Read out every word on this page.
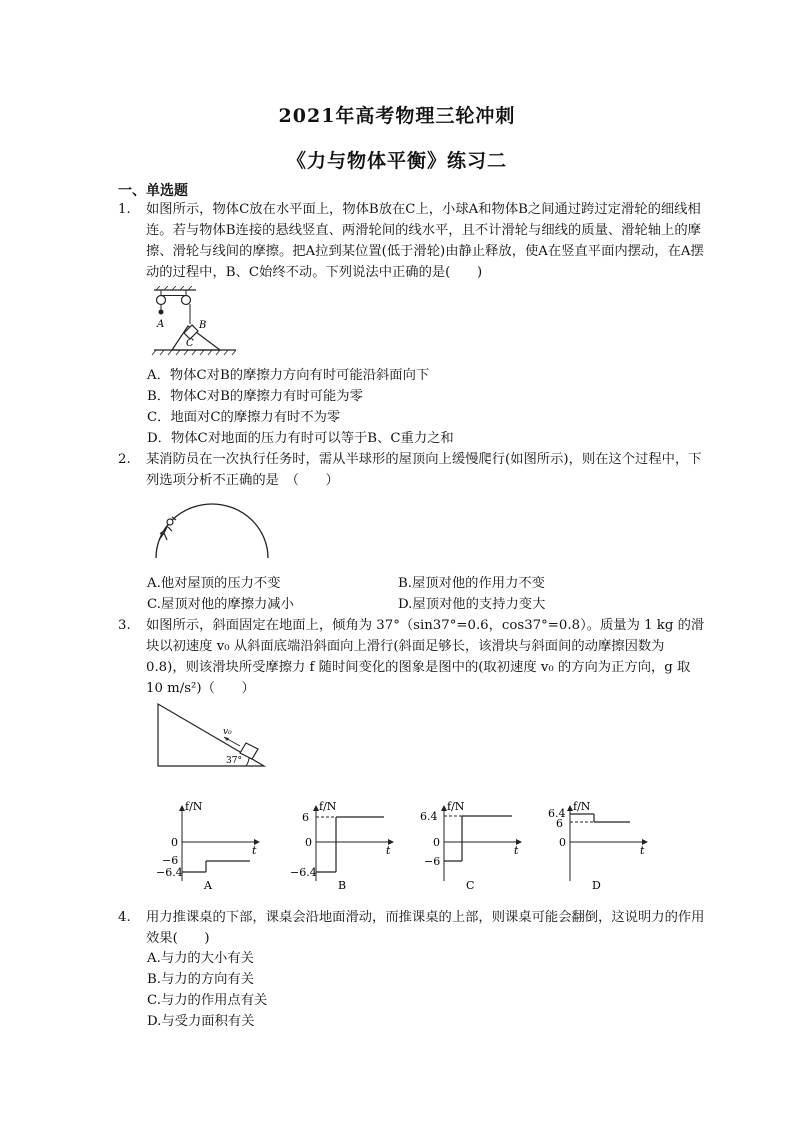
2021年高考物理三轮冲刺
《力与物体平衡》练习二
一、单选题
1.	如图所示，物体C放在水平面上，物体B放在C上，小球A和物体B之间通过跨过定滑轮的细线相连。若与物体B连接的悬线竖直、两滑轮间的线水平，且不计滑轮与细线的质量、滑轮轴上的摩擦、滑轮与线间的摩擦。把A拉到某位置(低于滑轮)由静止释放，使A在竖直平面内摆动，在A摆动的过程中，B、C始终不动。下列说法中正确的是(　　)
A	B
C
A．物体C对B的摩擦力方向有时可能沿斜面向下
B．物体C对B的摩擦力有时可能为零
C．地面对C的摩擦力有时不为零
D．物体C对地面的压力有时可以等于B、C重力之和
2.	某消防员在一次执行任务时，需从半球形的屋顶向上缓慢爬行(如图所示)，则在这个过程中，下列选项分析不正确的是　（　　）
A.他对屋顶的压力不变	B.屋顶对他的作用力不变
C.屋顶对他的摩擦力减小	D.屋顶对他的支持力变大
3.	如图所示，斜面固定在地面上，倾角为 37°（sin37°=0.6，cos37°=0.8）。质量为 1 kg 的滑块以初速度 v₀ 从斜面底端沿斜面向上滑行(斜面足够长，该滑块与斜面间的动摩擦因数为 0.8)，则该滑块所受摩擦力 f 随时间变化的图象是图中的(取初速度 v₀ 的方向为正方向，g 取 10 m/s²)（　　）
v₀
37°
f/N
t
0
−6
−6.4
A
f/N
t
0
6
−6.4
B
f/N
t
0
6.4
−6
C
f/N
t
0
6.4
6
D
4.	用力推课桌的下部，课桌会沿地面滑动，而推课桌的上部，则课桌可能会翻倒，这说明力的作用效果(　　)
A.与力的大小有关
B.与力的方向有关
C.与力的作用点有关
D.与受力面积有关
